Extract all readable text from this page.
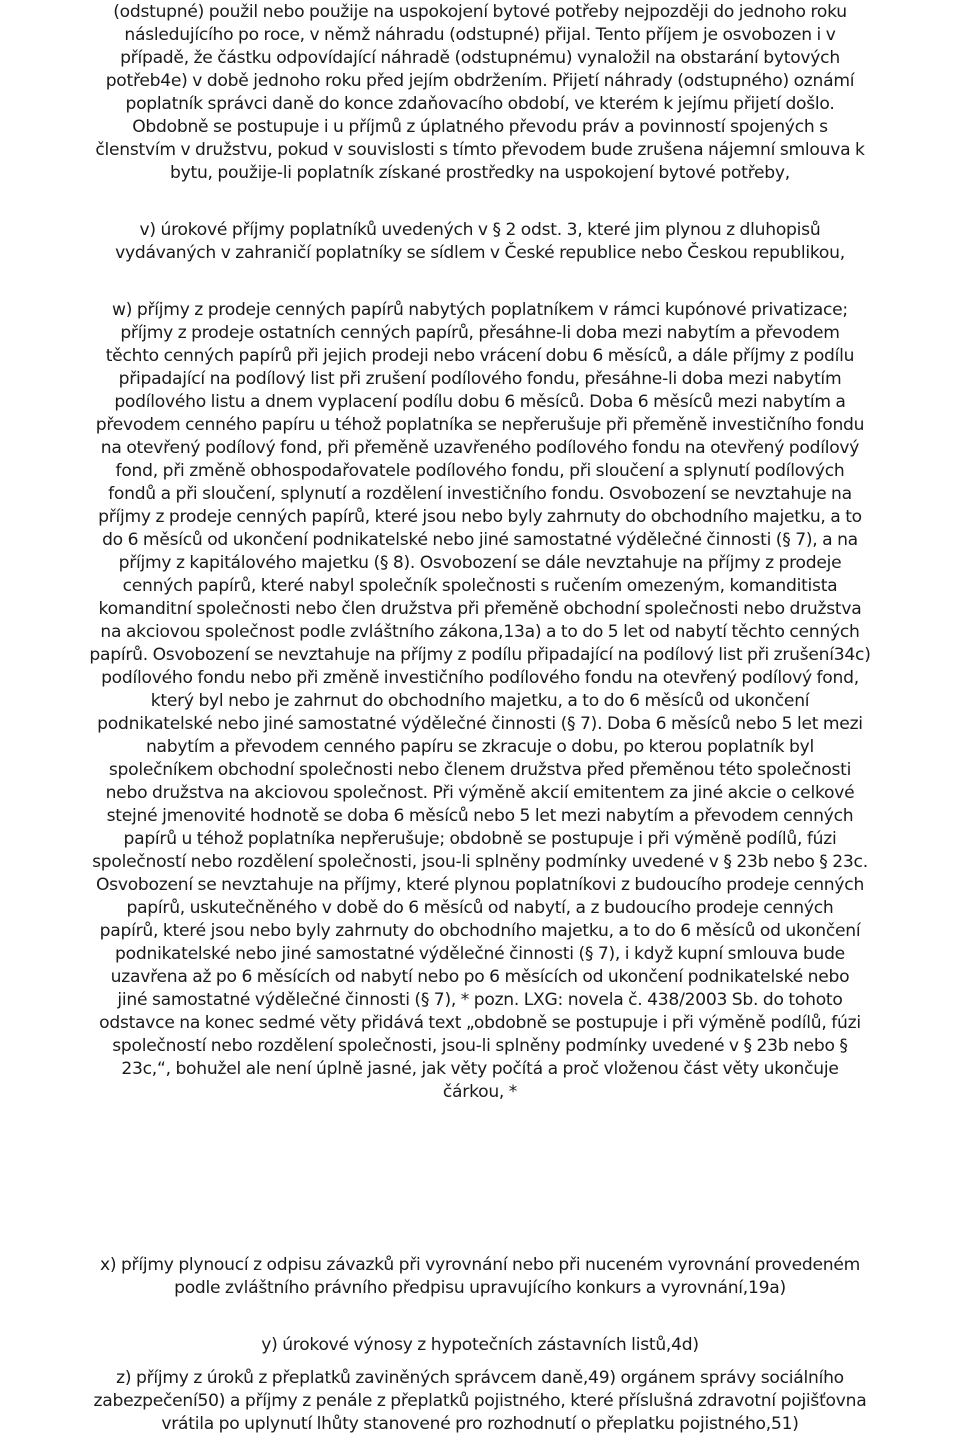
(odstupné) použil nebo použije na uspokojení bytové potřeby nejpozději do jednoho roku
následujícího po roce, v němž náhradu (odstupné) přijal. Tento příjem je osvobozen i v
případě, že částku odpovídající náhradě (odstupnému) vynaložil na obstarání bytových
potřeb4e) v době jednoho roku před jejím obdržením. Přijetí náhrady (odstupného) oznámí
poplatník správci daně do konce zdaňovacího období, ve kterém k jejímu přijetí došlo.
Obdobně se postupuje i u příjmů z úplatného převodu práv a povinností spojených s
členstvím v družstvu, pokud v souvislosti s tímto převodem bude zrušena nájemní smlouva k
bytu, použije-li poplatník získané prostředky na uspokojení bytové potřeby,
v) úrokové příjmy poplatníků uvedených v § 2 odst. 3, které jim plynou z dluhopisů
vydávaných v zahraničí poplatníky se sídlem v České republice nebo Českou republikou,
w) příjmy z prodeje cenných papírů nabytých poplatníkem v rámci kupónové privatizace;
příjmy z prodeje ostatních cenných papírů, přesáhne-li doba mezi nabytím a převodem
těchto cenných papírů při jejich prodeji nebo vrácení dobu 6 měsíců, a dále příjmy z podílu
připadající na podílový list při zrušení podílového fondu, přesáhne-li doba mezi nabytím
podílového listu a dnem vyplacení podílu dobu 6 měsíců. Doba 6 měsíců mezi nabytím a
převodem cenného papíru u téhož poplatníka se nepřerušuje při přeměně investičního fondu
na otevřený podílový fond, při přeměně uzavřeného podílového fondu na otevřený podílový
fond, při změně obhospodařovatele podílového fondu, při sloučení a splynutí podílových
fondů a při sloučení, splynutí a rozdělení investičního fondu. Osvobození se nevztahuje na
příjmy z prodeje cenných papírů, které jsou nebo byly zahrnuty do obchodního majetku, a to
do 6 měsíců od ukončení podnikatelské nebo jiné samostatné výdělečné činnosti (§ 7), a na
příjmy z kapitálového majetku (§ 8). Osvobození se dále nevztahuje na příjmy z prodeje
cenných papírů, které nabyl společník společnosti s ručením omezeným, komanditista
komanditní společnosti nebo člen družstva při přeměně obchodní společnosti nebo družstva
na akciovou společnost podle zvláštního zákona,13a) a to do 5 let od nabytí těchto cenných
papírů. Osvobození se nevztahuje na příjmy z podílu připadající na podílový list při zrušení34c)
podílového fondu nebo při změně investičního podílového fondu na otevřený podílový fond,
který byl nebo je zahrnut do obchodního majetku, a to do 6 měsíců od ukončení
podnikatelské nebo jiné samostatné výdělečné činnosti (§ 7). Doba 6 měsíců nebo 5 let mezi
nabytím a převodem cenného papíru se zkracuje o dobu, po kterou poplatník byl
společníkem obchodní společnosti nebo členem družstva před přeměnou této společnosti
nebo družstva na akciovou společnost. Při výměně akcií emitentem za jiné akcie o celkové
stejné jmenovité hodnotě se doba 6 měsíců nebo 5 let mezi nabytím a převodem cenných
papírů u téhož poplatníka nepřerušuje; obdobně se postupuje i při výměně podílů, fúzi
společností nebo rozdělení společnosti, jsou-li splněny podmínky uvedené v § 23b nebo § 23c.
Osvobození se nevztahuje na příjmy, které plynou poplatníkovi z budoucího prodeje cenných
papírů, uskutečněného v době do 6 měsíců od nabytí, a z budoucího prodeje cenných
papírů, které jsou nebo byly zahrnuty do obchodního majetku, a to do 6 měsíců od ukončení
podnikatelské nebo jiné samostatné výdělečné činnosti (§ 7), i když kupní smlouva bude
uzavřena až po 6 měsících od nabytí nebo po 6 měsících od ukončení podnikatelské nebo
jiné samostatné výdělečné činnosti (§ 7), * pozn. LXG: novela č. 438/2003 Sb. do tohoto
odstavce na konec sedmé věty přidává text „obdobně se postupuje i při výměně podílů, fúzi
společností nebo rozdělení společnosti, jsou-li splněny podmínky uvedené v § 23b nebo §
23c,“, bohužel ale není úplně jasné, jak věty počítá a proč vloženou část věty ukončuje
čárkou, *
x) příjmy plynoucí z odpisu závazků při vyrovnání nebo při nuceném vyrovnání provedeném
podle zvláštního právního předpisu upravujícího konkurs a vyrovnání,19a)
y) úrokové výnosy z hypotečních zástavních listů,4d)
z) příjmy z úroků z přeplatků zaviněných správcem daně,49) orgánem správy sociálního
zabezpečení50) a příjmy z penále z přeplatků pojistného, které příslušná zdravotní pojišťovna
vrátila po uplynutí lhůty stanovené pro rozhodnutí o přeplatku pojistného,51)
